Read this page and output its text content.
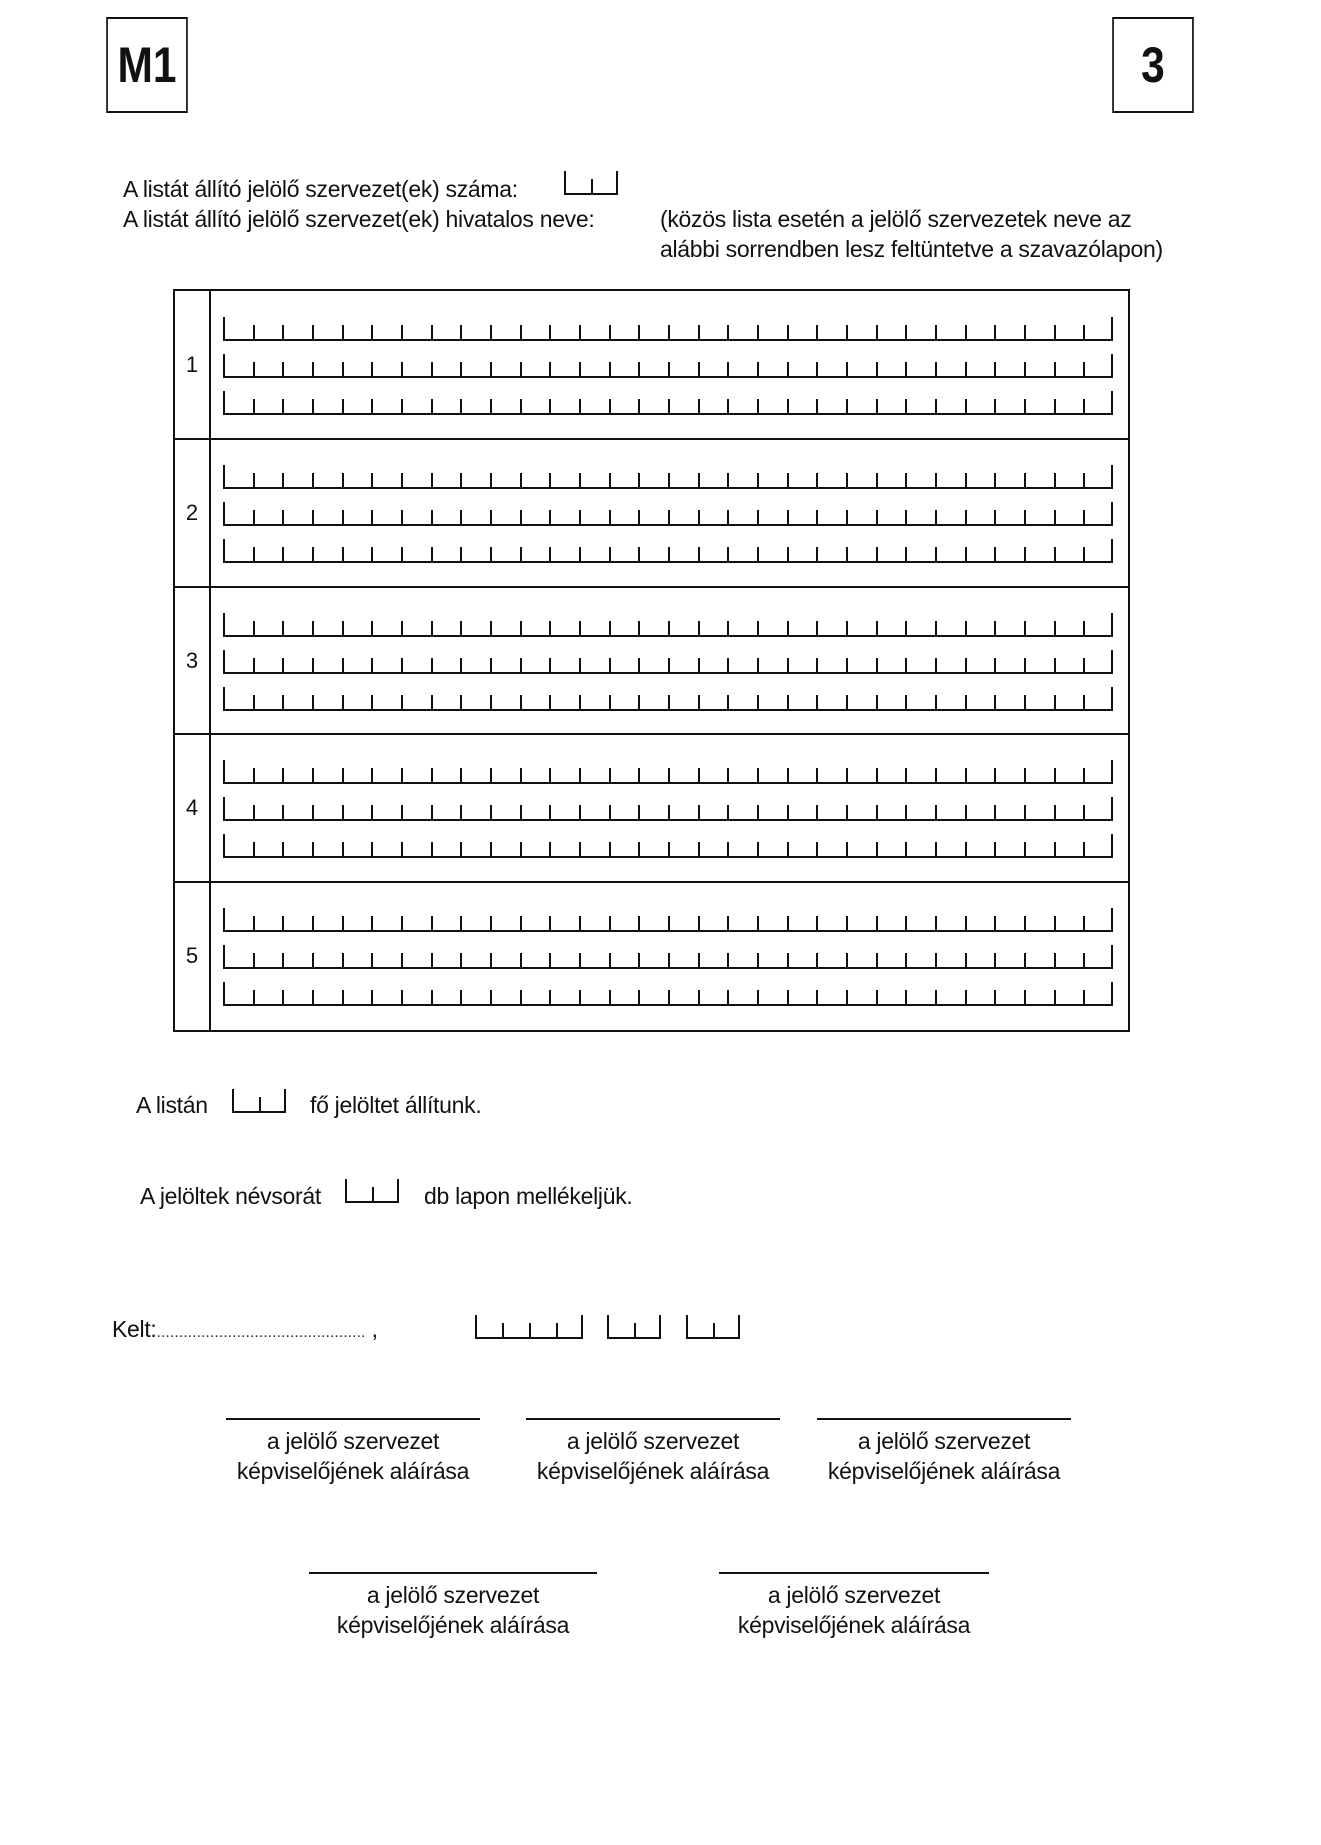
M1	3
A listát állító jelölő szervezet(ek) száma:
A listát állító jelölő szervezet(ek) hivatalos neve:	(közös lista esetén a jelölő szervezetek neve az
alábbi sorrendben lesz feltüntetve a szavazólapon)
1
2
3
4
5
A listán	fő jelöltet állítunk.
A jelöltek névsorát	db lapon mellékeljük.
Kelt:............................................... ,
a jelölő szervezet
képviselőjének aláírása
a jelölő szervezet
képviselőjének aláírása
a jelölő szervezet
képviselőjének aláírása
a jelölő szervezet
képviselőjének aláírása
a jelölő szervezet
képviselőjének aláírása
